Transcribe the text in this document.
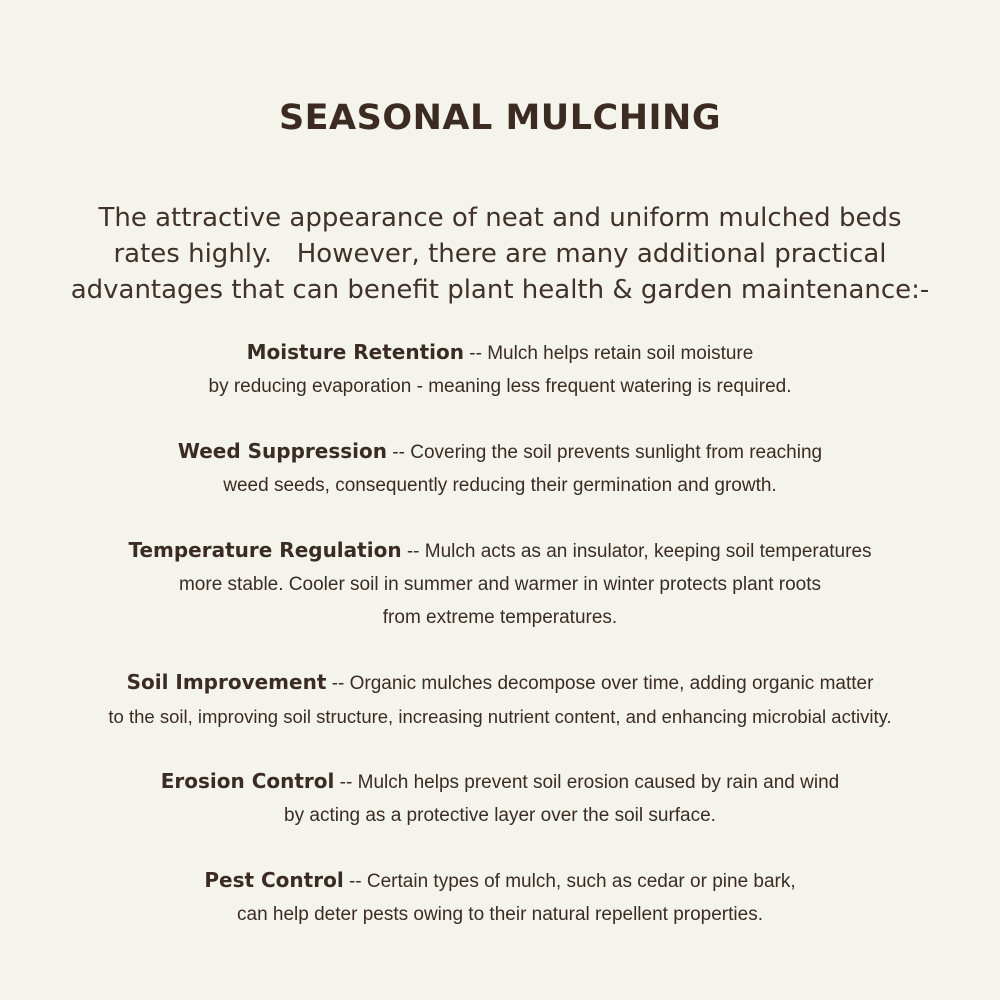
SEASONAL MULCHING
The attractive appearance of neat and uniform mulched beds
rates highly.   However, there are many additional practical
advantages that can benefit plant health & garden maintenance:-
Moisture Retention -- Mulch helps retain soil moisture
by reducing evaporation - meaning less frequent watering is required.
Weed Suppression -- Covering the soil prevents sunlight from reaching
weed seeds, consequently reducing their germination and growth.
Temperature Regulation -- Mulch acts as an insulator, keeping soil temperatures
more stable. Cooler soil in summer and warmer in winter protects plant roots
from extreme temperatures.
Soil Improvement -- Organic mulches decompose over time, adding organic matter
to the soil, improving soil structure, increasing nutrient content, and enhancing microbial activity.
Erosion Control -- Mulch helps prevent soil erosion caused by rain and wind
by acting as a protective layer over the soil surface.
Pest Control -- Certain types of mulch, such as cedar or pine bark,
can help deter pests owing to their natural repellent properties.
